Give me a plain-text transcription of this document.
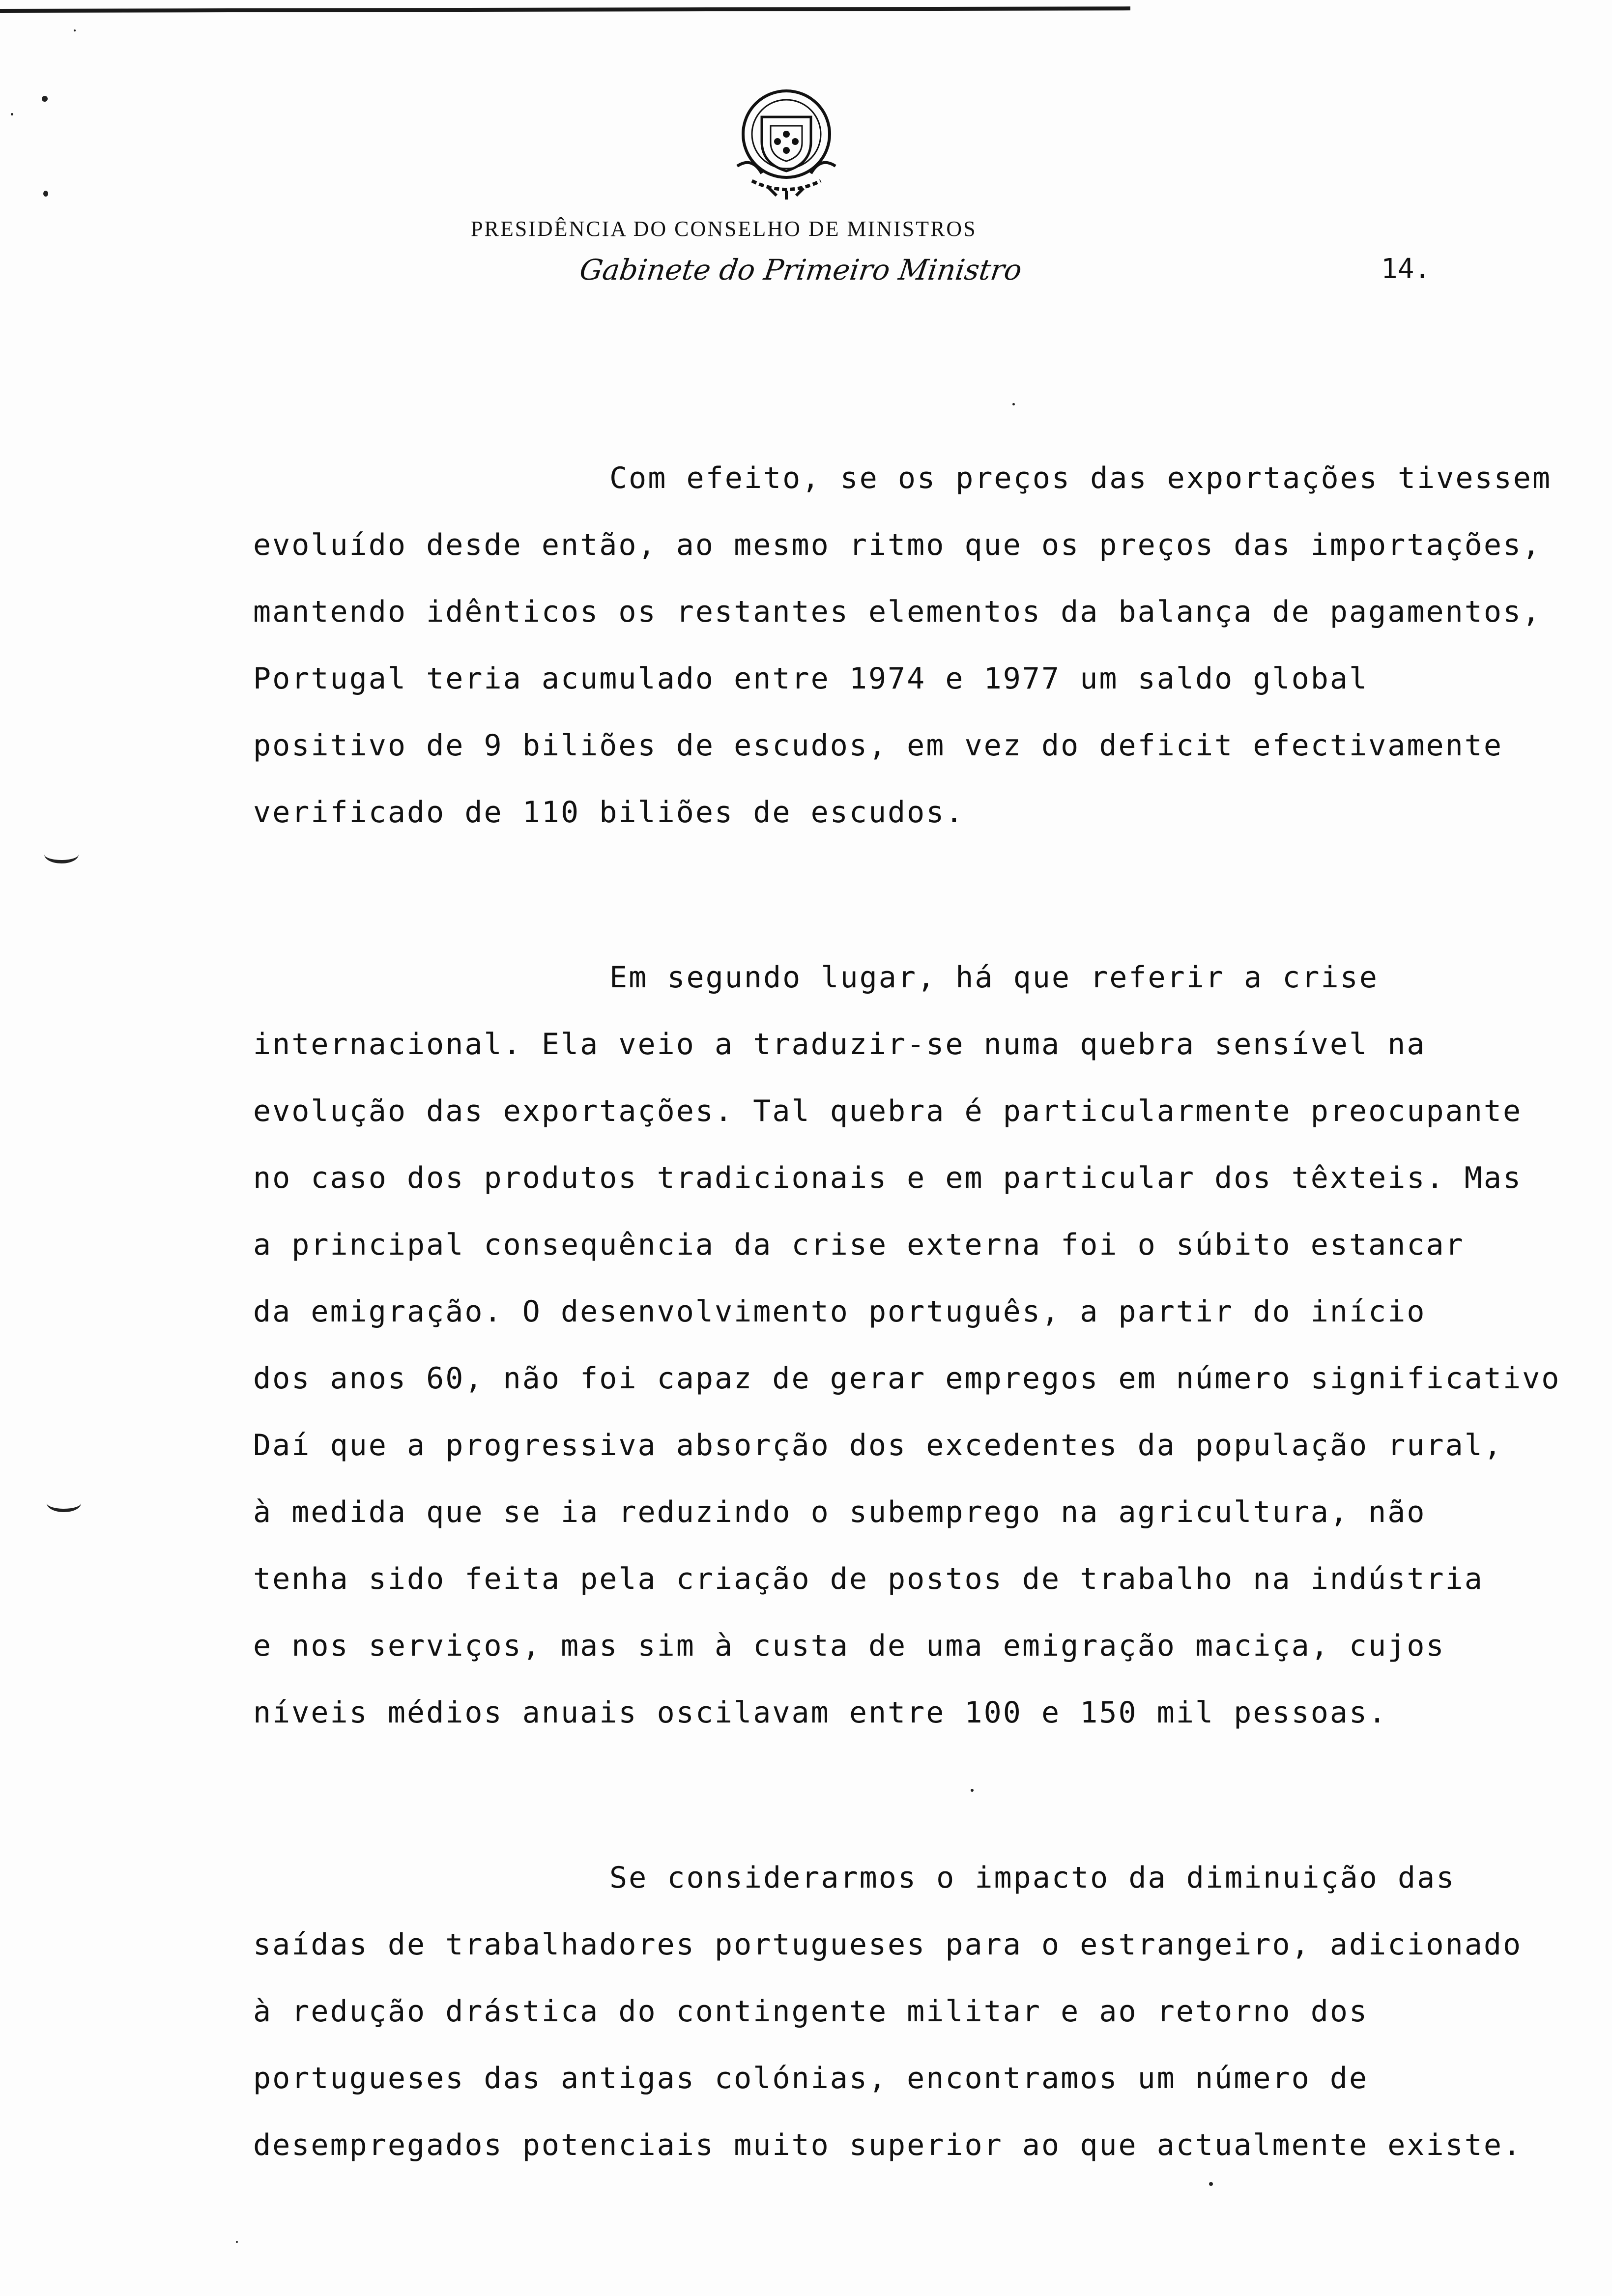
PRESIDÊNCIA DO CONSELHO DE MINISTROS
Gabinete do Primeiro Ministro	14.

Com efeito, se os preços das exportações tivessem
evoluído desde então, ao mesmo ritmo que os preços das importações,
mantendo idênticos os restantes elementos da balança de pagamentos,
Portugal teria acumulado entre 1974 e 1977 um saldo global
positivo de 9 biliões de escudos, em vez do deficit efectivamente
verificado de 110 biliões de escudos.

Em segundo lugar, há que referir a crise
internacional. Ela veio a traduzir-se numa quebra sensível na
evolução das exportações. Tal quebra é particularmente preocupante
no caso dos produtos tradicionais e em particular dos têxteis. Mas
a principal consequência da crise externa foi o súbito estancar
da emigração. O desenvolvimento português, a partir do início
dos anos 60, não foi capaz de gerar empregos em número significativo
Daí que a progressiva absorção dos excedentes da população rural,
à medida que se ia reduzindo o subemprego na agricultura, não
tenha sido feita pela criação de postos de trabalho na indústria
e nos serviços, mas sim à custa de uma emigração maciça, cujos
níveis médios anuais oscilavam entre 100 e 150 mil pessoas.

Se considerarmos o impacto da diminuição das
saídas de trabalhadores portugueses para o estrangeiro, adicionado
à redução drástica do contingente militar e ao retorno dos
portugueses das antigas colónias, encontramos um número de
desempregados potenciais muito superior ao que actualmente existe.
